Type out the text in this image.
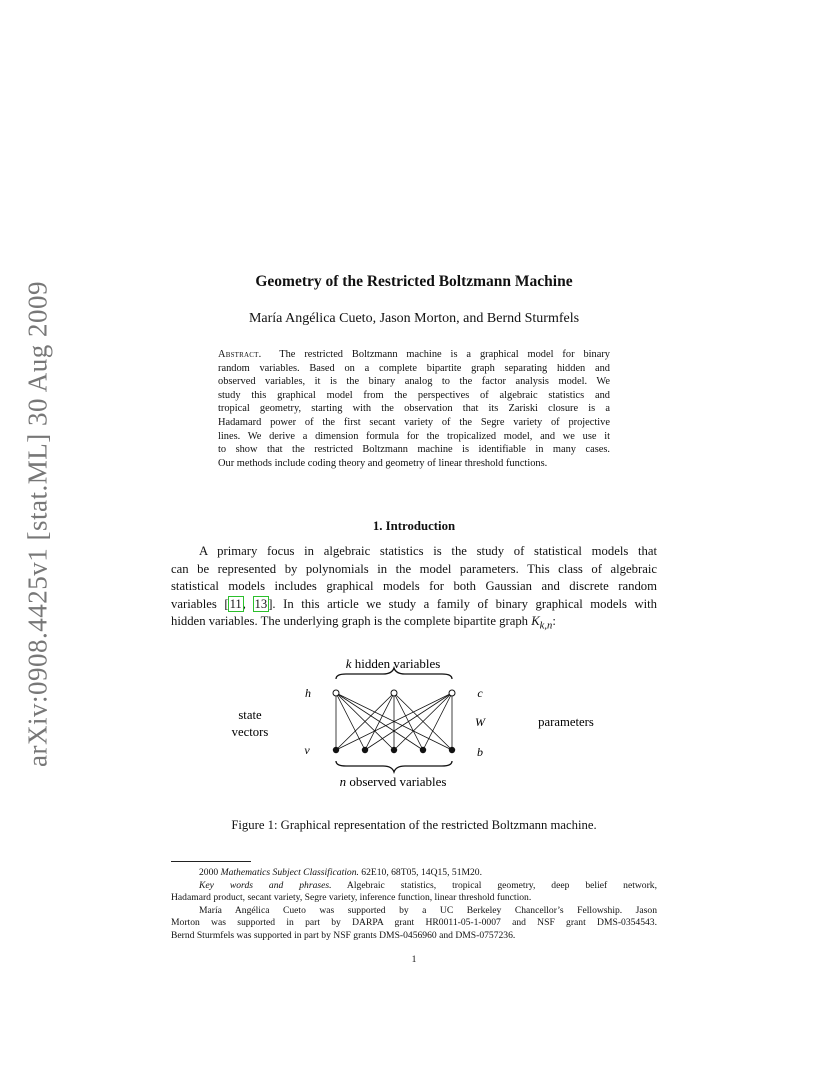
arXiv:0908.4425v1 [stat.ML] 30 Aug 2009	Geometry of the Restricted Boltzmann Machine
María Angélica Cueto, Jason Morton, and Bernd Sturmfels
Abstract. The restricted Boltzmann machine is a graphical model for binary
random variables. Based on a complete bipartite graph separating hidden and
observed variables, it is the binary analog to the factor analysis model. We
study this graphical model from the perspectives of algebraic statistics and
tropical geometry, starting with the observation that its Zariski closure is a
Hadamard power of the first secant variety of the Segre variety of projective
lines. We derive a dimension formula for the tropicalized model, and we use it
to show that the restricted Boltzmann machine is identifiable in many cases.
Our methods include coding theory and geometry of linear threshold functions.
1. Introduction
A primary focus in algebraic statistics is the study of statistical models that
can be represented by polynomials in the model parameters. This class of algebraic
statistical models includes graphical models for both Gaussian and discrete random
variables [11, 13]. In this article we study a family of binary graphical models with
hidden variables. The underlying graph is the complete bipartite graph $K_{k,n}$:
k hidden variables
n observed variables
h
v
c
W
b
state
vectors
parameters
Figure 1: Graphical representation of the restricted Boltzmann machine.
2000 Mathematics Subject Classification. 62E10, 68T05, 14Q15, 51M20.
Key words and phrases. Algebraic statistics, tropical geometry, deep belief network,
Hadamard product, secant variety, Segre variety, inference function, linear threshold function.
María Angélica Cueto was supported by a UC Berkeley Chancellor’s Fellowship. Jason
Morton was supported in part by DARPA grant HR0011-05-1-0007 and NSF grant DMS-0354543.
Bernd Sturmfels was supported in part by NSF grants DMS-0456960 and DMS-0757236.
1
